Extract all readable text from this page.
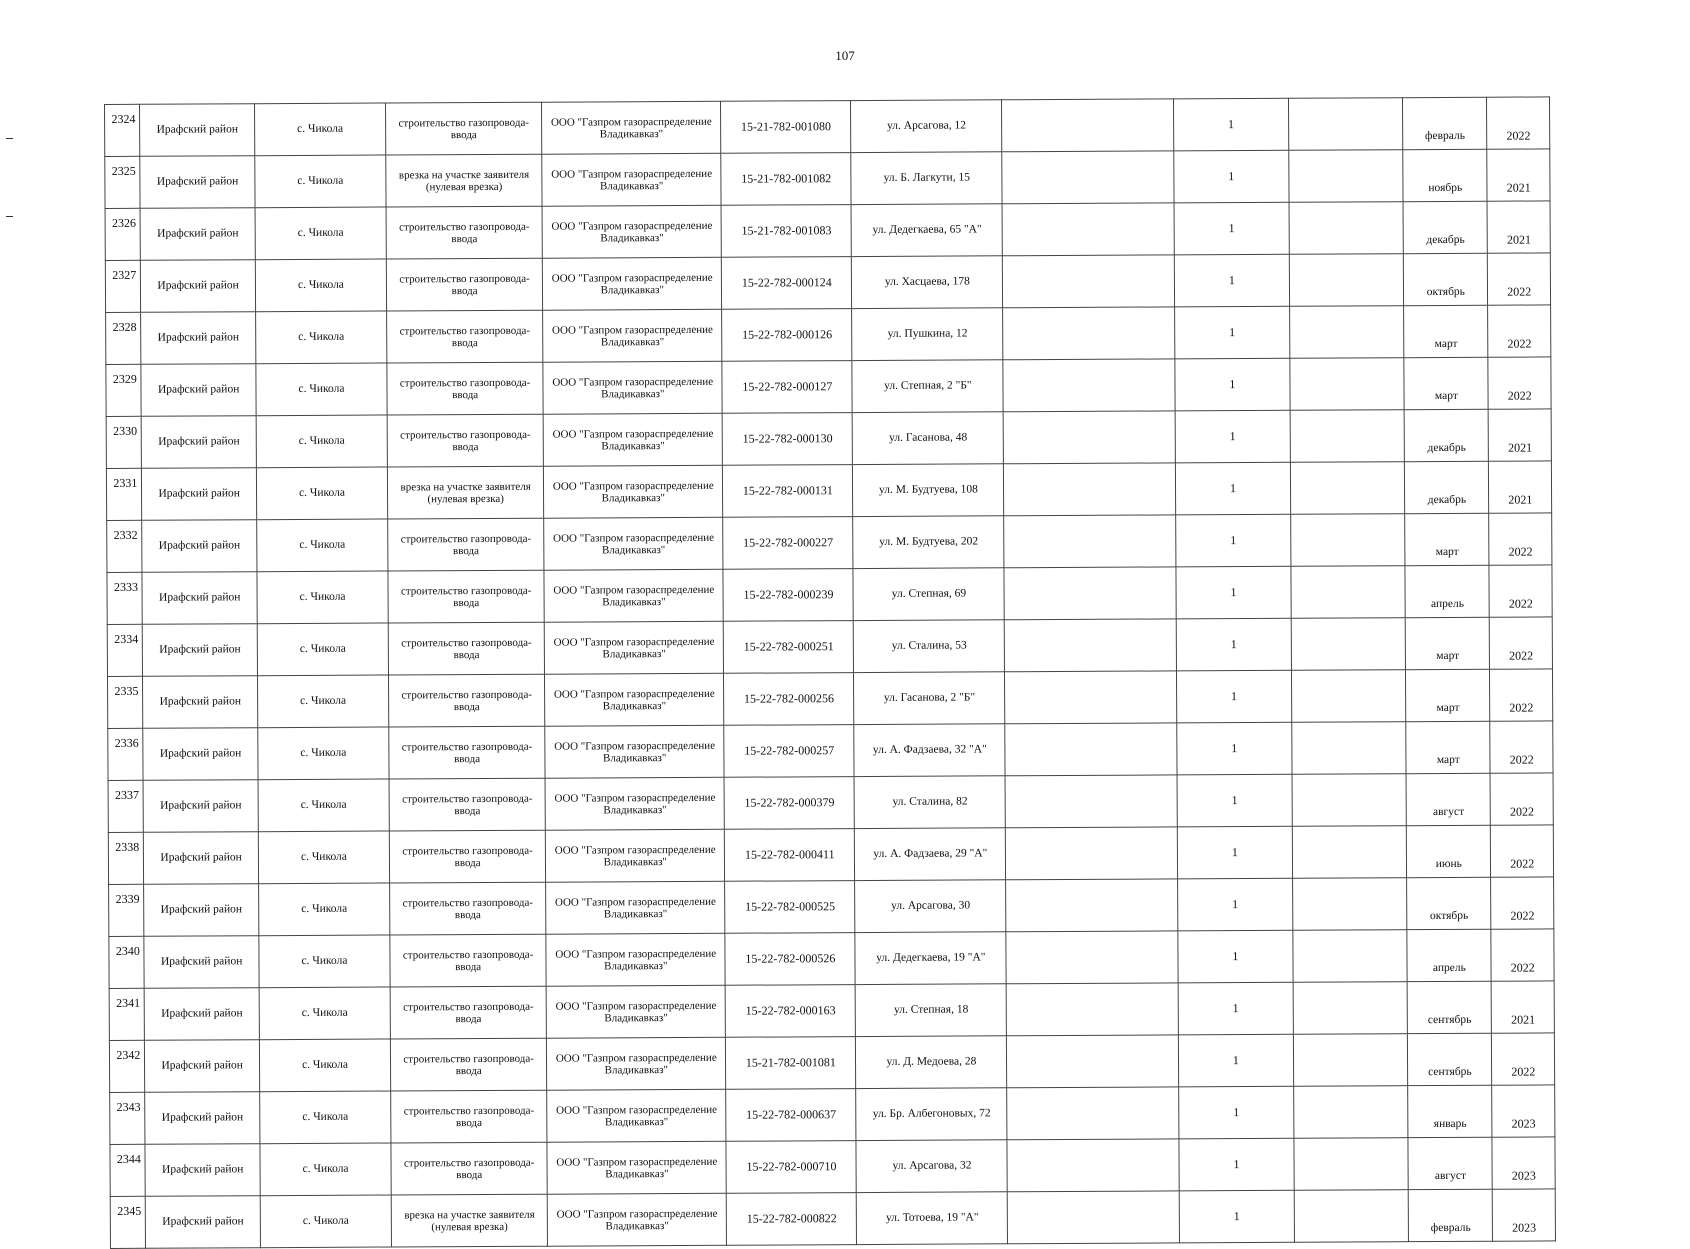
107
2324	Ирафский район	с. Чикола	строительство газопровода-ввода	ООО "Газпром газораспределение Владикавказ"	15-21-782-001080	ул. Арсагова, 12		1		февраль	2022
2325	Ирафский район	с. Чикола	врезка на участке заявителя (нулевая врезка)	ООО "Газпром газораспределение Владикавказ"	15-21-782-001082	ул. Б. Лагкути, 15		1		ноябрь	2021
2326	Ирафский район	с. Чикола	строительство газопровода-ввода	ООО "Газпром газораспределение Владикавказ"	15-21-782-001083	ул. Дедегкаева, 65 "А"		1		декабрь	2021
2327	Ирафский район	с. Чикола	строительство газопровода-ввода	ООО "Газпром газораспределение Владикавказ"	15-22-782-000124	ул. Хасцаева, 178		1		октябрь	2022
2328	Ирафский район	с. Чикола	строительство газопровода-ввода	ООО "Газпром газораспределение Владикавказ"	15-22-782-000126	ул. Пушкина, 12		1		март	2022
2329	Ирафский район	с. Чикола	строительство газопровода-ввода	ООО "Газпром газораспределение Владикавказ"	15-22-782-000127	ул. Степная, 2 "Б"		1		март	2022
2330	Ирафский район	с. Чикола	строительство газопровода-ввода	ООО "Газпром газораспределение Владикавказ"	15-22-782-000130	ул. Гасанова, 48		1		декабрь	2021
2331	Ирафский район	с. Чикола	врезка на участке заявителя (нулевая врезка)	ООО "Газпром газораспределение Владикавказ"	15-22-782-000131	ул. М. Будтуева, 108		1		декабрь	2021
2332	Ирафский район	с. Чикола	строительство газопровода-ввода	ООО "Газпром газораспределение Владикавказ"	15-22-782-000227	ул. М. Будтуева, 202		1		март	2022
2333	Ирафский район	с. Чикола	строительство газопровода-ввода	ООО "Газпром газораспределение Владикавказ"	15-22-782-000239	ул. Степная, 69		1		апрель	2022
2334	Ирафский район	с. Чикола	строительство газопровода-ввода	ООО "Газпром газораспределение Владикавказ"	15-22-782-000251	ул. Сталина, 53		1		март	2022
2335	Ирафский район	с. Чикола	строительство газопровода-ввода	ООО "Газпром газораспределение Владикавказ"	15-22-782-000256	ул. Гасанова, 2 "Б"		1		март	2022
2336	Ирафский район	с. Чикола	строительство газопровода-ввода	ООО "Газпром газораспределение Владикавказ"	15-22-782-000257	ул. А. Фадзаева, 32 "А"		1		март	2022
2337	Ирафский район	с. Чикола	строительство газопровода-ввода	ООО "Газпром газораспределение Владикавказ"	15-22-782-000379	ул. Сталина, 82		1		август	2022
2338	Ирафский район	с. Чикола	строительство газопровода-ввода	ООО "Газпром газораспределение Владикавказ"	15-22-782-000411	ул. А. Фадзаева, 29 "А"		1		июнь	2022
2339	Ирафский район	с. Чикола	строительство газопровода-ввода	ООО "Газпром газораспределение Владикавказ"	15-22-782-000525	ул. Арсагова, 30		1		октябрь	2022
2340	Ирафский район	с. Чикола	строительство газопровода-ввода	ООО "Газпром газораспределение Владикавказ"	15-22-782-000526	ул. Дедегкаева, 19 "А"		1		апрель	2022
2341	Ирафский район	с. Чикола	строительство газопровода-ввода	ООО "Газпром газораспределение Владикавказ"	15-22-782-000163	ул. Степная, 18		1		сентябрь	2021
2342	Ирафский район	с. Чикола	строительство газопровода-ввода	ООО "Газпром газораспределение Владикавказ"	15-21-782-001081	ул. Д. Медоева, 28		1		сентябрь	2022
2343	Ирафский район	с. Чикола	строительство газопровода-ввода	ООО "Газпром газораспределение Владикавказ"	15-22-782-000637	ул. Бр. Албегоновых, 72		1		январь	2023
2344	Ирафский район	с. Чикола	строительство газопровода-ввода	ООО "Газпром газораспределение Владикавказ"	15-22-782-000710	ул. Арсагова, 32		1		август	2023
2345	Ирафский район	с. Чикола	врезка на участке заявителя (нулевая врезка)	ООО "Газпром газораспределение Владикавказ"	15-22-782-000822	ул. Тотоева, 19 "А"		1		февраль	2023
